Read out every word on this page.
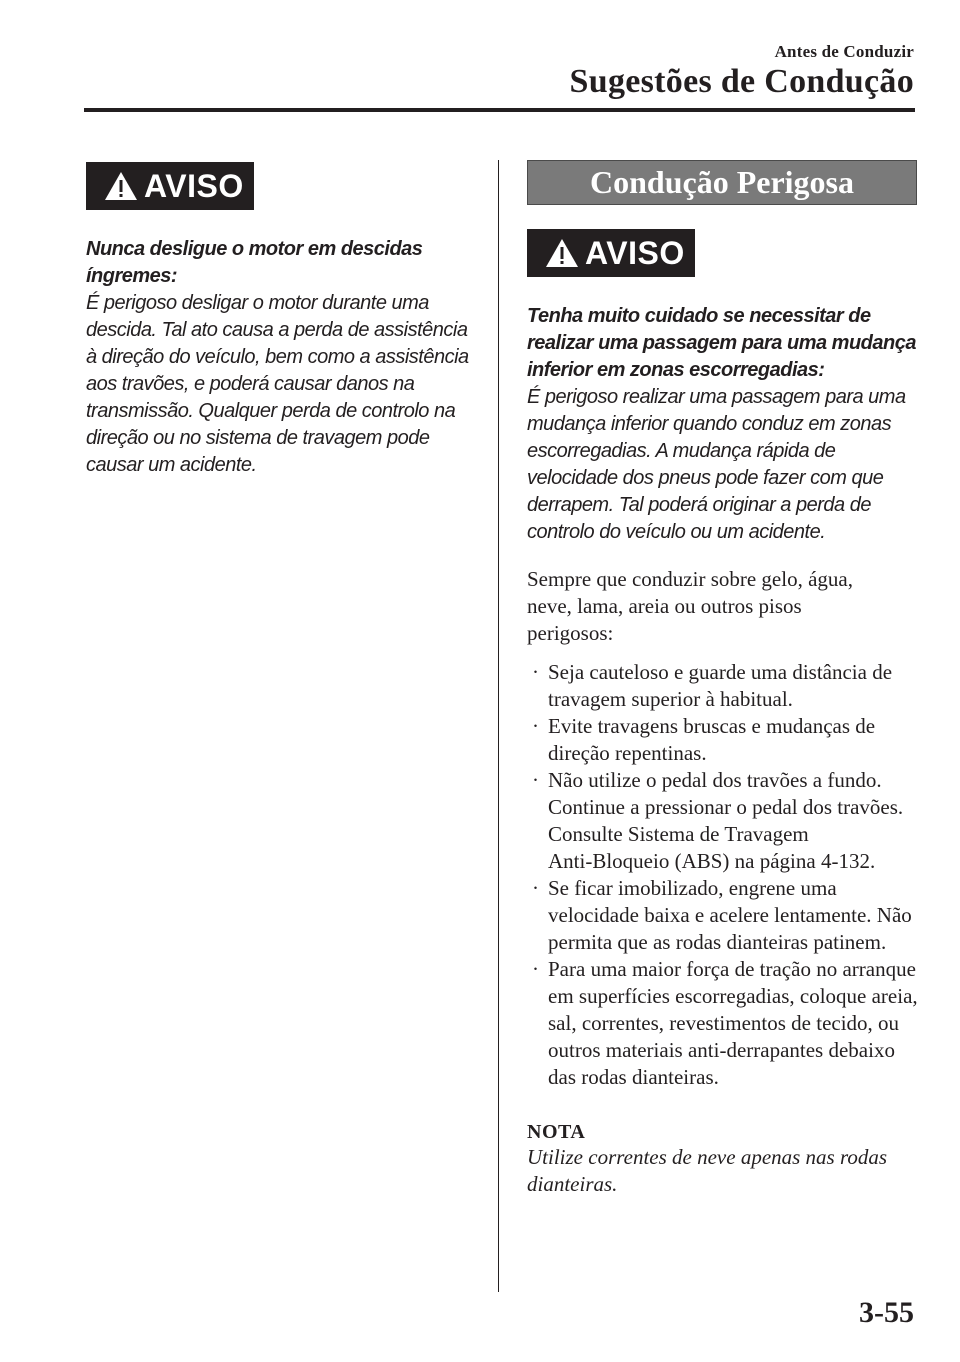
Antes de Conduzir
Sugestões de Condução
AVISO
Nunca desligue o motor em descidas íngremes:
É perigoso desligar o motor durante uma descida. Tal ato causa a perda de assistência à direção do veículo, bem como a assistência aos travões, e poderá causar danos na transmissão. Qualquer perda de controlo na direção ou no sistema de travagem pode causar um acidente.
Condução Perigosa
AVISO
Tenha muito cuidado se necessitar de realizar uma passagem para uma mudança inferior em zonas escorregadias:
É perigoso realizar uma passagem para uma mudança inferior quando conduz em zonas escorregadias. A mudança rápida de velocidade dos pneus pode fazer com que derrapem. Tal poderá originar a perda de controlo do veículo ou um acidente.
Sempre que conduzir sobre gelo, água, neve, lama, areia ou outros pisos perigosos:
· Seja cauteloso e guarde uma distância de travagem superior à habitual.
· Evite travagens bruscas e mudanças de direção repentinas.
· Não utilize o pedal dos travões a fundo. Continue a pressionar o pedal dos travões.
Consulte Sistema de Travagem
Anti-Bloqueio (ABS) na página 4-132.
· Se ficar imobilizado, engrene uma velocidade baixa e acelere lentamente. Não permita que as rodas dianteiras patinem.
· Para uma maior força de tração no arranque em superfícies escorregadias, coloque areia, sal, correntes, revestimentos de tecido, ou outros materiais anti-derrapantes debaixo das rodas dianteiras.
NOTA
Utilize correntes de neve apenas nas rodas dianteiras.
3-55
